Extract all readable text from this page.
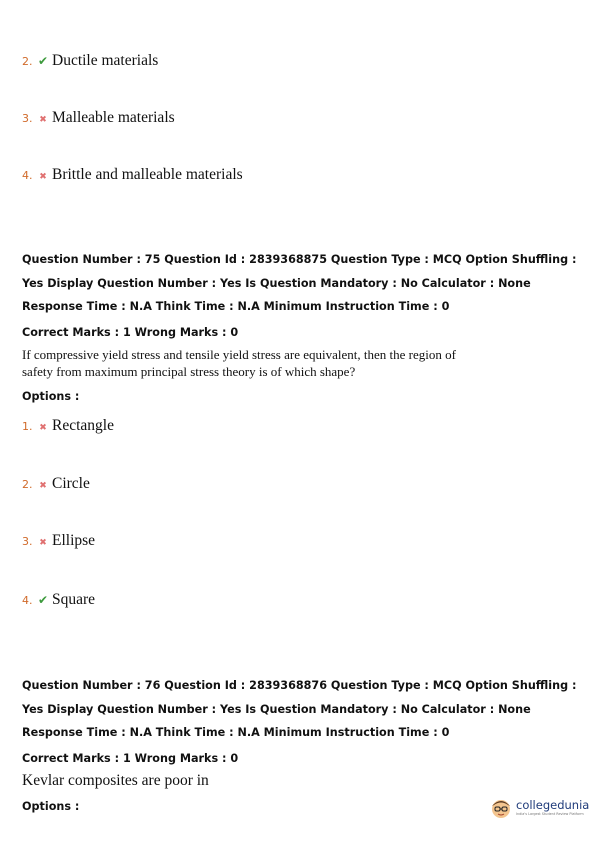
2. ✔ Ductile materials
3. ✖ Malleable materials
4. ✖ Brittle and malleable materials
Question Number : 75 Question Id : 2839368875 Question Type : MCQ Option Shuffling : Yes Display Question Number : Yes Is Question Mandatory : No Calculator : None Response Time : N.A Think Time : N.A Minimum Instruction Time : 0
Correct Marks : 1 Wrong Marks : 0
If compressive yield stress and tensile yield stress are equivalent, then the region of
safety from maximum principal stress theory is of which shape?
Options :
1. ✖ Rectangle
2. ✖ Circle
3. ✖ Ellipse
4. ✔ Square
Question Number : 76 Question Id : 2839368876 Question Type : MCQ Option Shuffling : Yes Display Question Number : Yes Is Question Mandatory : No Calculator : None Response Time : N.A Think Time : N.A Minimum Instruction Time : 0
Correct Marks : 1 Wrong Marks : 0
Kevlar composites are poor in
Options :	collegedunia
India's Largest Student Review Platform
